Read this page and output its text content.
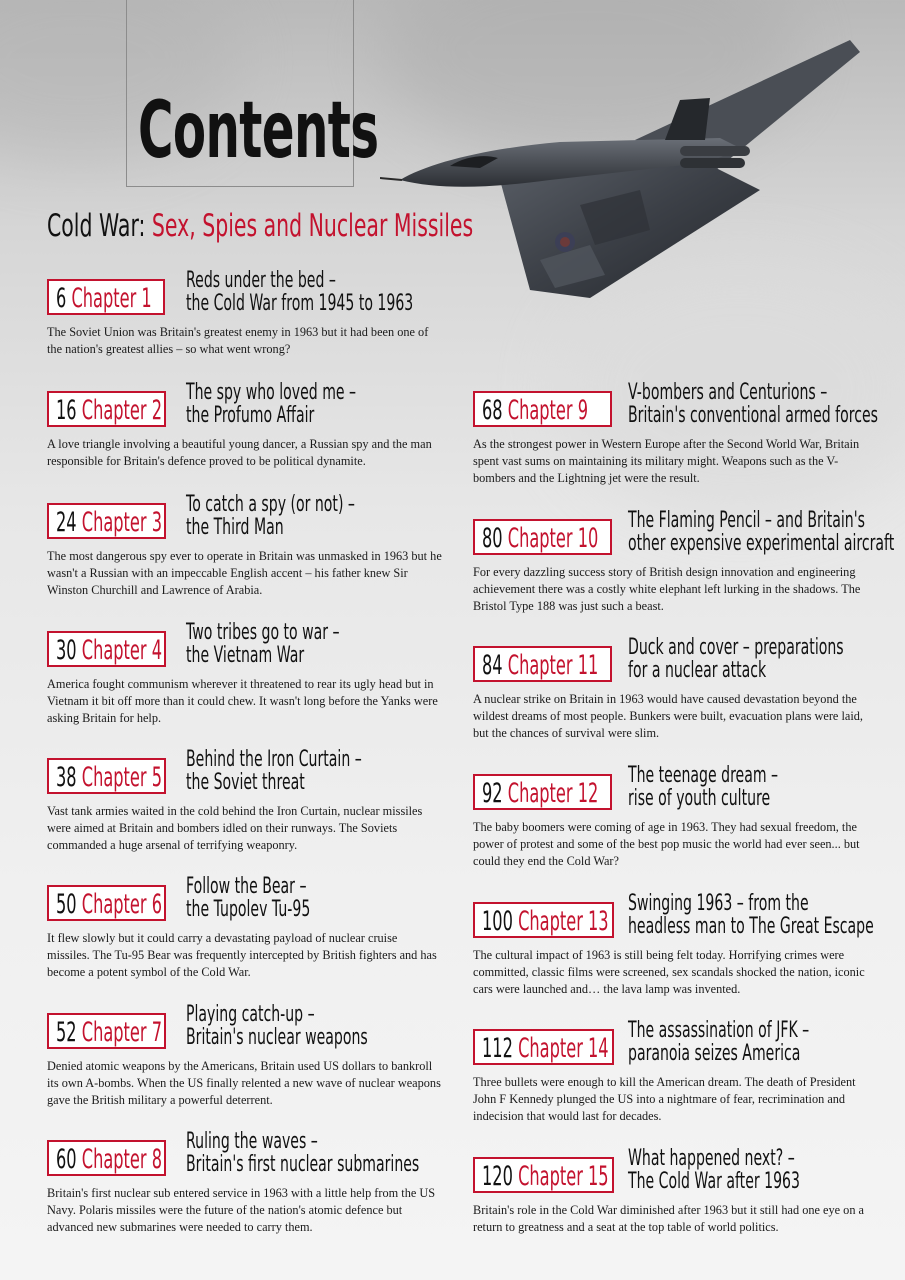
Contents
Cold War: Sex, Spies and Nuclear Missiles
6 Chapter 1
Reds under the bed –
the Cold War from 1945 to 1963
The Soviet Union was Britain's greatest enemy in 1963 but it had been one of the nation's greatest allies – so what went wrong?
16 Chapter 2
The spy who loved me –
the Profumo Affair
A love triangle involving a beautiful young dancer, a Russian spy and the man responsible for Britain's defence proved to be political dynamite.
24 Chapter 3
To catch a spy (or not) –
the Third Man
The most dangerous spy ever to operate in Britain was unmasked in 1963 but he wasn't a Russian with an impeccable English accent – his father knew Sir Winston Churchill and Lawrence of Arabia.
30 Chapter 4
Two tribes go to war –
the Vietnam War
America fought communism wherever it threatened to rear its ugly head but in Vietnam it bit off more than it could chew. It wasn't long before the Yanks were asking Britain for help.
38 Chapter 5
Behind the Iron Curtain –
the Soviet threat
Vast tank armies waited in the cold behind the Iron Curtain, nuclear missiles were aimed at Britain and bombers idled on their runways. The Soviets commanded a huge arsenal of terrifying weaponry.
50 Chapter 6
Follow the Bear –
the Tupolev Tu-95
It flew slowly but it could carry a devastating payload of nuclear cruise missiles. The Tu-95 Bear was frequently intercepted by British fighters and has become a potent symbol of the Cold War.
52 Chapter 7
Playing catch-up –
Britain's nuclear weapons
Denied atomic weapons by the Americans, Britain used US dollars to bankroll its own A-bombs. When the US finally relented a new wave of nuclear weapons gave the British military a powerful deterrent.
60 Chapter 8
Ruling the waves –
Britain's first nuclear submarines
Britain's first nuclear sub entered service in 1963 with a little help from the US Navy. Polaris missiles were the future of the nation's atomic defence but advanced new submarines were needed to carry them.
68 Chapter 9
V-bombers and Centurions –
Britain's conventional armed forces
As the strongest power in Western Europe after the Second World War, Britain spent vast sums on maintaining its military might. Weapons such as the V-bombers and the Lightning jet were the result.
80 Chapter 10
The Flaming Pencil – and Britain's
other expensive experimental aircraft
For every dazzling success story of British design innovation and engineering achievement there was a costly white elephant left lurking in the shadows. The Bristol Type 188 was just such a beast.
84 Chapter 11
Duck and cover – preparations
for a nuclear attack
A nuclear strike on Britain in 1963 would have caused devastation beyond the wildest dreams of most people. Bunkers were built, evacuation plans were laid, but the chances of survival were slim.
92 Chapter 12
The teenage dream –
rise of youth culture
The baby boomers were coming of age in 1963. They had sexual freedom, the power of protest and some of the best pop music the world had ever seen... but could they end the Cold War?
100 Chapter 13
Swinging 1963 – from the
headless man to The Great Escape
The cultural impact of 1963 is still being felt today. Horrifying crimes were committed, classic films were screened, sex scandals shocked the nation, iconic cars were launched and… the lava lamp was invented.
112 Chapter 14
The assassination of JFK –
paranoia seizes America
Three bullets were enough to kill the American dream. The death of President John F Kennedy plunged the US into a nightmare of fear, recrimination and indecision that would last for decades.
120 Chapter 15
What happened next? –
The Cold War after 1963
Britain's role in the Cold War diminished after 1963 but it still had one eye on a return to greatness and a seat at the top table of world politics.
